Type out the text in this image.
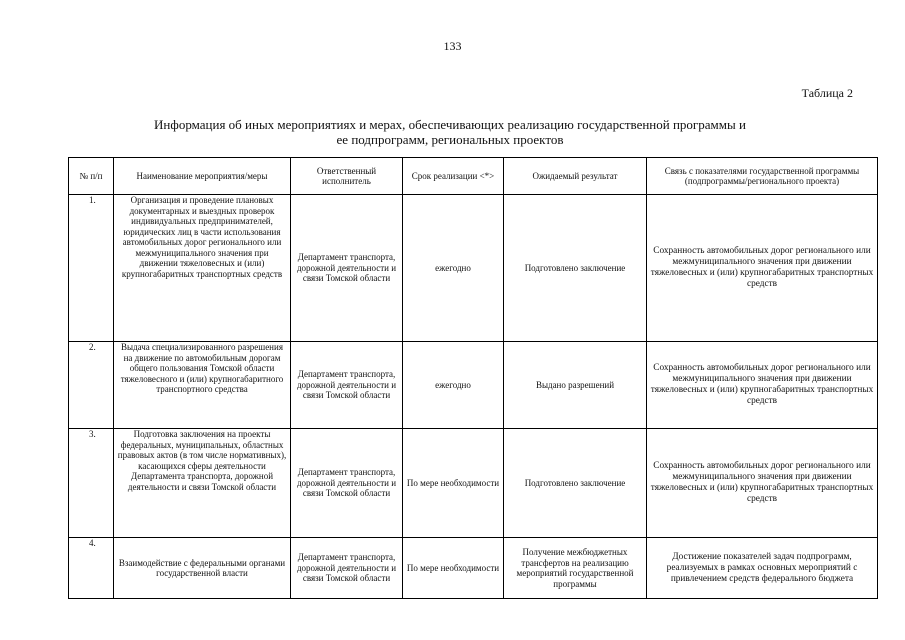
133
Таблица 2
Информация об иных мероприятиях и мерах, обеспечивающих реализацию государственной программы и ее подпрограмм, региональных проектов
№ п/п	Наименование мероприятия/меры	Ответственный исполнитель	Срок реализации <*>	Ожидаемый результат	Связь с показателями государственной программы (подпрограммы/регионального проекта)
1.	Организация и проведение плановых документарных и выездных проверок индивидуальных предпринимателей, юридических лиц в части использования автомобильных дорог регионального или межмуниципального значения при движении тяжеловесных и (или) крупногабаритных транспортных средств	Департамент транспорта, дорожной деятельности и связи Томской области	ежегодно	Подготовлено заключение	Сохранность автомобильных дорог регионального или межмуниципального значения при движении тяжеловесных и (или) крупногабаритных транспортных средств
2.	Выдача специализированного разрешения на движение по автомобильным дорогам общего пользования Томской области тяжеловесного и (или) крупногабаритного транспортного средства	Департамент транспорта, дорожной деятельности и связи Томской области	ежегодно	Выдано разрешений	Сохранность автомобильных дорог регионального или межмуниципального значения при движении тяжеловесных и (или) крупногабаритных транспортных средств
3.	Подготовка заключения на проекты федеральных, муниципальных, областных правовых актов (в том числе нормативных), касающихся сферы деятельности Департамента транспорта, дорожной деятельности и связи Томской области	Департамент транспорта, дорожной деятельности и связи Томской области	По мере необходимости	Подготовлено заключение	Сохранность автомобильных дорог регионального или межмуниципального значения при движении тяжеловесных и (или) крупногабаритных транспортных средств
4.	Взаимодействие с федеральными органами государственной власти	Департамент транспорта, дорожной деятельности и связи Томской области	По мере необходимости	Получение межбюджетных трансфертов на реализацию мероприятий государственной программы	Достижение показателей задач подпрограмм, реализуемых в рамках основных мероприятий с привлечением средств федерального бюджета
